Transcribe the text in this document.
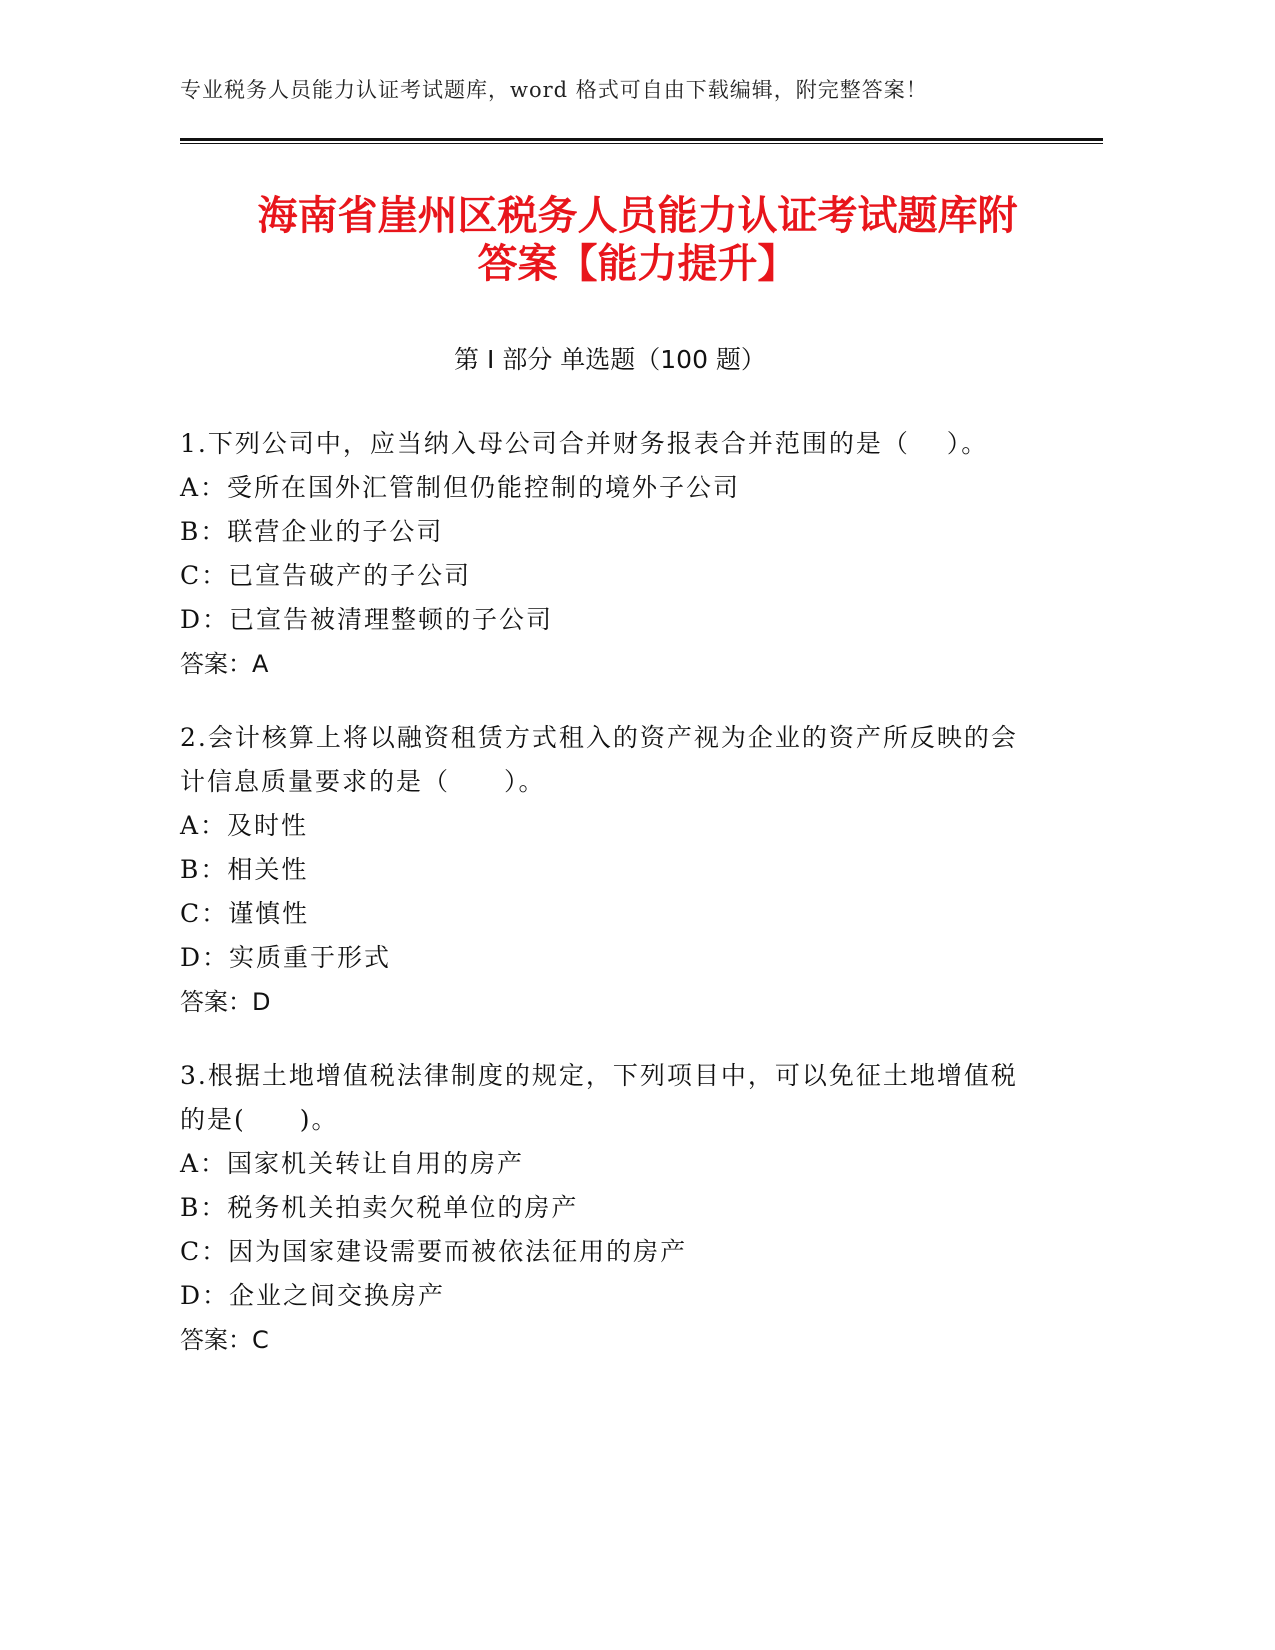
专业税务人员能力认证考试题库，word 格式可自由下载编辑，附完整答案！
海南省崖州区税务人员能力认证考试题库附
答案【能力提升】
第 I 部分 单选题（100 题）

1.下列公司中，应当纳入母公司合并财务报表合并范围的是（　 ）。

A：受所在国外汇管制但仍能控制的境外子公司

B：联营企业的子公司

C：已宣告破产的子公司

D：已宣告被清理整顿的子公司

答案：A

2.会计核算上将以融资租赁方式租入的资产视为企业的资产所反映的会计信息质量要求的是（　　）。

A：及时性

B：相关性

C：谨慎性

D：实质重于形式

答案：D

3.根据土地增值税法律制度的规定，下列项目中，可以免征土地增值税的是(　　)。

A：国家机关转让自用的房产

B：税务机关拍卖欠税单位的房产

C：因为国家建设需要而被依法征用的房产

D：企业之间交换房产

答案：C
